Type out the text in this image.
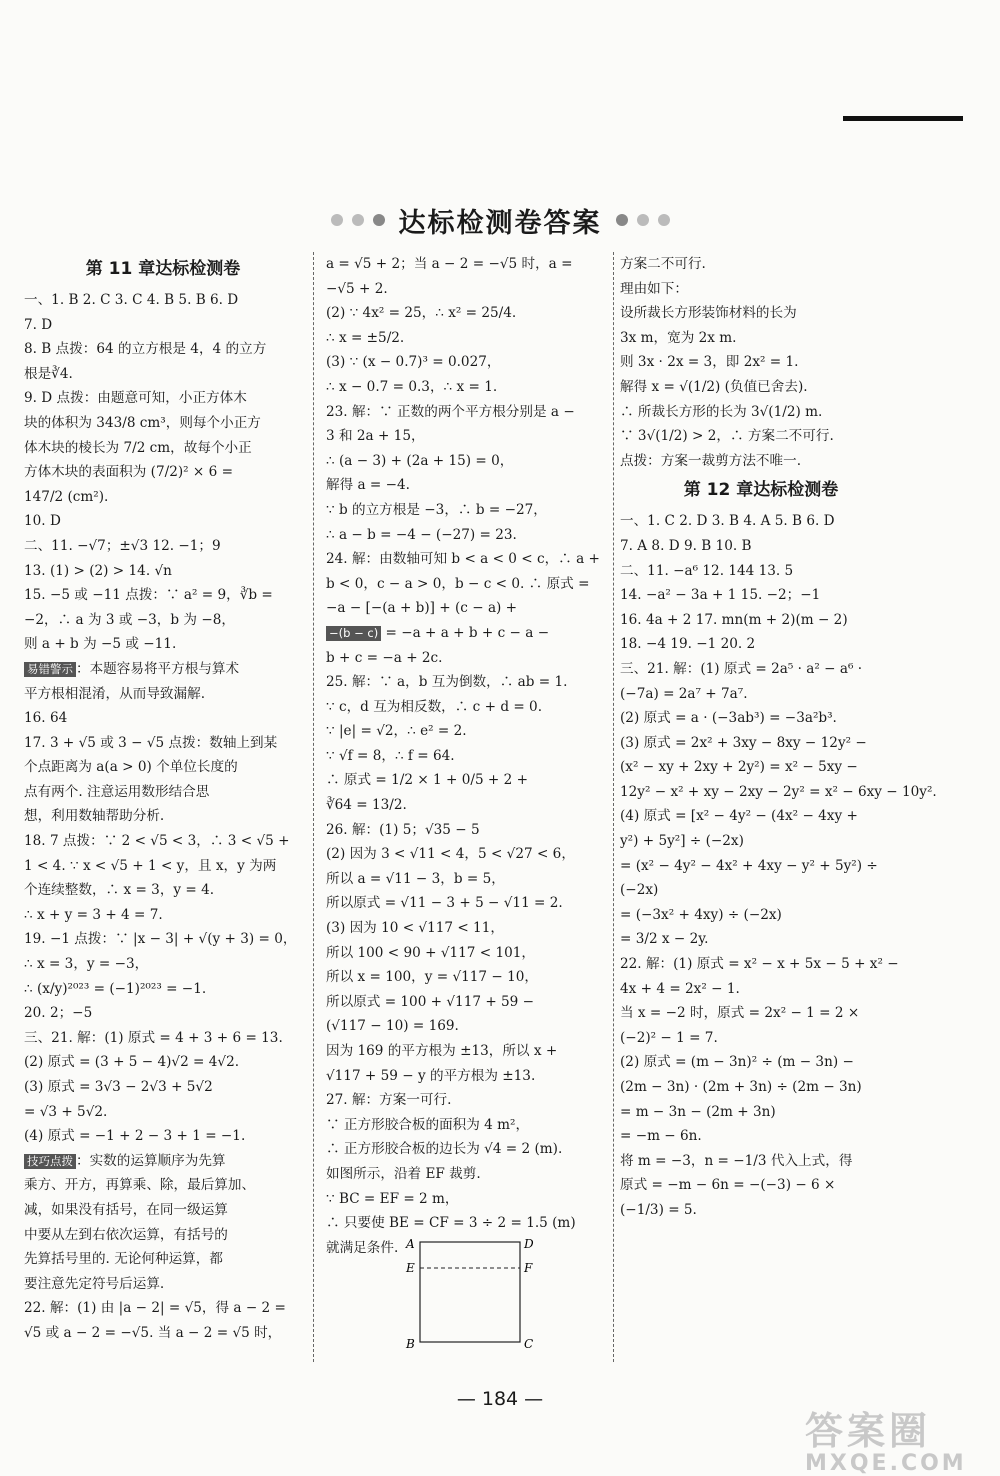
达标检测卷答案
第 11 章达标检测卷
一、1. B 2. C 3. C 4. B 5. B 6. D
7. D
8. B 点拨：64 的立方根是 4，4 的立方
根是∛4.
9. D 点拨：由题意可知，小正方体木
块的体积为 343/8 cm³，则每个小正方
体木块的棱长为 7/2 cm，故每个小正
方体木块的表面积为 (7/2)² × 6 =
147/2 (cm²).
10. D
二、11. −√7；±√3 12. −1；9
13. (1) > (2) > 14. √n
15. −5 或 −11 点拨：∵ a² = 9，∛b =
−2，∴ a 为 3 或 −3，b 为 −8，
则 a + b 为 −5 或 −11.
易错警示 ：本题容易将平方根与算术
平方根相混淆，从而导致漏解.
16. 64
17. 3 + √5 或 3 − √5 点拨：数轴上到某
个点距离为 a(a > 0) 个单位长度的
点有两个. 注意运用数形结合思
想，利用数轴帮助分析.
18. 7 点拨：∵ 2 < √5 < 3，∴ 3 < √5 +
1 < 4. ∵ x < √5 + 1 < y，且 x，y 为两
个连续整数，∴ x = 3，y = 4.
∴ x + y = 3 + 4 = 7.
19. −1 点拨：∵ |x − 3| + √(y + 3) = 0，
∴ x = 3，y = −3，
∴ (x/y)²⁰²³ = (−1)²⁰²³ = −1.
20. 2；−5
三、21. 解：(1) 原式 = 4 + 3 + 6 = 13.
(2) 原式 = (3 + 5 − 4)√2 = 4√2.
(3) 原式 = 3√3 − 2√3 + 5√2
= √3 + 5√2.
(4) 原式 = −1 + 2 − 3 + 1 = −1.
技巧点拨 ：实数的运算顺序为先算
乘方、开方，再算乘、除，最后算加、
减，如果没有括号，在同一级运算
中要从左到右依次运算，有括号的
先算括号里的. 无论何种运算，都
要注意先定符号后运算.
22. 解：(1) 由 |a − 2| = √5，得 a − 2 =
√5 或 a − 2 = −√5. 当 a − 2 = √5 时，
a = √5 + 2；当 a − 2 = −√5 时，a =
−√5 + 2.
(2) ∵ 4x² = 25，∴ x² = 25/4.
∴ x = ±5/2.
(3) ∵ (x − 0.7)³ = 0.027，
∴ x − 0.7 = 0.3，∴ x = 1.
23. 解：∵ 正数的两个平方根分别是 a −
3 和 2a + 15，
∴ (a − 3) + (2a + 15) = 0，
解得 a = −4.
∵ b 的立方根是 −3，∴ b = −27，
∴ a − b = −4 − (−27) = 23.
24. 解：由数轴可知 b < a < 0 < c，∴ a +
b < 0，c − a > 0，b − c < 0. ∴ 原式 =
−a − [−(a + b)] + (c − a) +
−(b − c) = −a + a + b + c − a −
b + c = −a + 2c.
25. 解：∵ a，b 互为倒数，∴ ab = 1.
∵ c，d 互为相反数，∴ c + d = 0.
∵ |e| = √2，∴ e² = 2.
∵ √f = 8，∴ f = 64.
∴ 原式 = 1/2 × 1 + 0/5 + 2 +
∛64 = 13/2.
26. 解：(1) 5；√35 − 5
(2) 因为 3 < √11 < 4，5 < √27 < 6，
所以 a = √11 − 3，b = 5，
所以原式 = √11 − 3 + 5 − √11 = 2.
(3) 因为 10 < √117 < 11，
所以 100 < 90 + √117 < 101，
所以 x = 100，y = √117 − 10，
所以原式 = 100 + √117 + 59 −
(√117 − 10) = 169.
因为 169 的平方根为 ±13，所以 x +
√117 + 59 − y 的平方根为 ±13.
27. 解：方案一可行.
∵ 正方形胶合板的面积为 4 m²，
∴ 正方形胶合板的边长为 √4 = 2 (m).
如图所示，沿着 EF 裁剪.
∵ BC = EF = 2 m，
∴ 只要使 BE = CF = 3 ÷ 2 = 1.5 (m)
就满足条件.
方案二不可行.
理由如下：
设所裁长方形装饰材料的长为
3x m，宽为 2x m.
则 3x · 2x = 3，即 2x² = 1.
解得 x = √(1/2) (负值已舍去).
∴ 所裁长方形的长为 3√(1/2) m.
∵ 3√(1/2) > 2，∴ 方案二不可行.
点拨：方案一裁剪方法不唯一.
第 12 章达标检测卷
一、1. C 2. D 3. B 4. A 5. B 6. D
7. A 8. D 9. B 10. B
二、11. −a⁶ 12. 144 13. 5
14. −a² − 3a + 1 15. −2；−1
16. 4a + 2 17. mn(m + 2)(m − 2)
18. −4 19. −1 20. 2
三、21. 解：(1) 原式 = 2a⁵ · a² − a⁶ ·
(−7a) = 2a⁷ + 7a⁷.
(2) 原式 = a · (−3ab³) = −3a²b³.
(3) 原式 = 2x² + 3xy − 8xy − 12y² −
(x² − xy + 2xy + 2y²) = x² − 5xy −
12y² − x² + xy − 2xy − 2y² = x² − 6xy − 10y².
(4) 原式 = [x² − 4y² − (4x² − 4xy +
y²) + 5y²] ÷ (−2x)
= (x² − 4y² − 4x² + 4xy − y² + 5y²) ÷
(−2x)
= (−3x² + 4xy) ÷ (−2x)
= 3/2 x − 2y.
22. 解：(1) 原式 = x² − x + 5x − 5 + x² −
4x + 4 = 2x² − 1.
当 x = −2 时，原式 = 2x² − 1 = 2 ×
(−2)² − 1 = 7.
(2) 原式 = (m − 3n)² ÷ (m − 3n) −
(2m − 3n) · (2m + 3n) ÷ (2m − 3n)
= m − 3n − (2m + 3n)
= −m − 6n.
将 m = −3，n = −1/3 代入上式，得
原式 = −m − 6n = −(−3) − 6 ×
(−1/3) = 5.
A	D
E	F
B	C
— 184 —
答案圈
MXQE.COM
